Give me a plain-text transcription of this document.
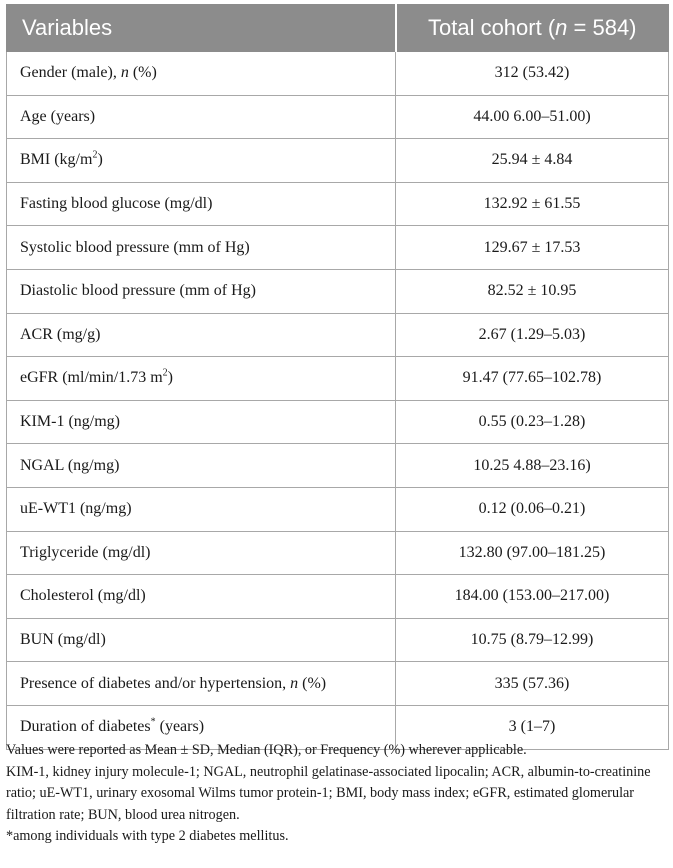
Variables	Total cohort (n = 584)
Gender (male), n (%)	312 (53.42)
Age (years)	44.00 6.00–51.00)
BMI $(kg/m^2)$	25.94 ± 4.84
Fasting blood glucose (mg/dl)	132.92 ± 61.55
Systolic blood pressure (mm of Hg)	129.67 ± 17.53
Diastolic blood pressure (mm of Hg)	82.52 ± 10.95
ACR (mg/g)	2.67 (1.29–5.03)
eGFR (ml/min/1.73 $m^2$)	91.47 (77.65–102.78)
KIM-1 (ng/mg)	0.55 (0.23–1.28)
NGAL (ng/mg)	10.25 4.88–23.16)
uE-WT1 (ng/mg)	0.12 (0.06–0.21)
Triglyceride (mg/dl)	132.80 (97.00–181.25)
Cholesterol (mg/dl)	184.00 (153.00–217.00)
BUN (mg/dl)	10.75 (8.79–12.99)
Presence of diabetes and/or hypertension, n (%)	335 (57.36)
Duration of diabetes* (years)	3 (1–7)

Values were reported as Mean ± SD, Median (IQR), or Frequency (%) wherever applicable.

KIM-1, kidney injury molecule-1; NGAL, neutrophil gelatinase-associated lipocalin; ACR, albumin-to-creatinine ratio; uE-WT1, urinary exosomal Wilms tumor protein-1; BMI, body mass index; eGFR, estimated glomerular filtration rate; BUN, blood urea nitrogen.

*among individuals with type 2 diabetes mellitus.
